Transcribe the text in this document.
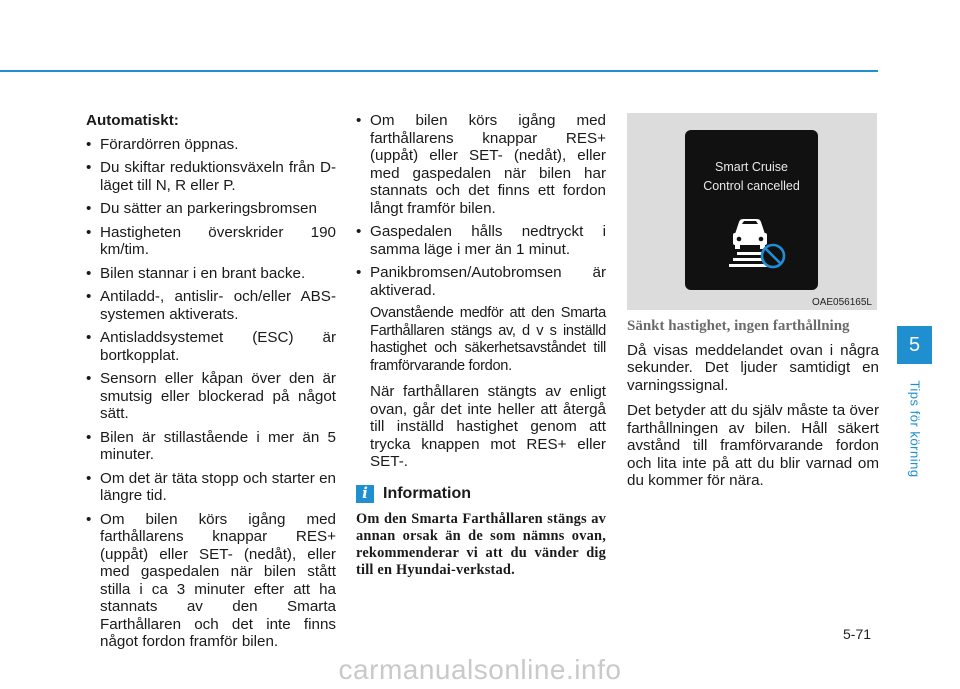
Automatiskt:

• Förardörren öppnas.
• Du skiftar reduktionsväxeln från D-läget till N, R eller P.
• Du sätter an parkeringsbromsen
• Hastigheten överskrider 190 km/tim.
• Bilen stannar i en brant backe.
• Antiladd-, antislir- och/eller ABS-systemen aktiverats.
• Antisladdsystemet (ESC) är bortkopplat.
• Sensorn eller kåpan över den är smutsig eller blockerad på något sätt.
• Bilen är stillastående i mer än 5 minuter.
• Om det är täta stopp och starter en längre tid.
• Om bilen körs igång med farthållarens knappar RES+ (uppåt) eller SET- (nedåt), eller med gaspedalen när bilen stått stilla i ca 3 minuter efter att ha stannats av den Smarta Farthållaren och det inte finns något fordon framför bilen.
• Om bilen körs igång med farthållarens knappar RES+ (uppåt) eller SET- (nedåt), eller med gaspedalen när bilen har stannats och det finns ett fordon långt framför bilen.
• Gaspedalen hålls nedtryckt i samma läge i mer än 1 minut.
• Panikbromsen/Autobromsen är aktiverad.

Ovanstående medför att den Smarta Farthållaren stängs av, d v s inställd hastighet och säkerhetsavståndet till framförvarande fordon.

När farthållaren stängts av enligt ovan, går det inte heller att återgå till inställd hastighet genom att trycka knappen mot RES+ eller SET-.

i Information
Om den Smarta Farthållaren stängs av annan orsak än de som nämns ovan, rekommenderar vi att du vänder dig till en Hyundai-verkstad.
Smart Cruise
Control cancelled
OAE056165L
Sänkt hastighet, ingen farthållning

Då visas meddelandet ovan i några sekunder. Det ljuder samtidigt en varningssignal.

Det betyder att du själv måste ta över farthållningen av bilen. Håll säkert avstånd till framförvarande fordon och lita inte på att du blir varnad om du kommer för nära.

5
Tips för körning
5-71
carmanualsonline.info
